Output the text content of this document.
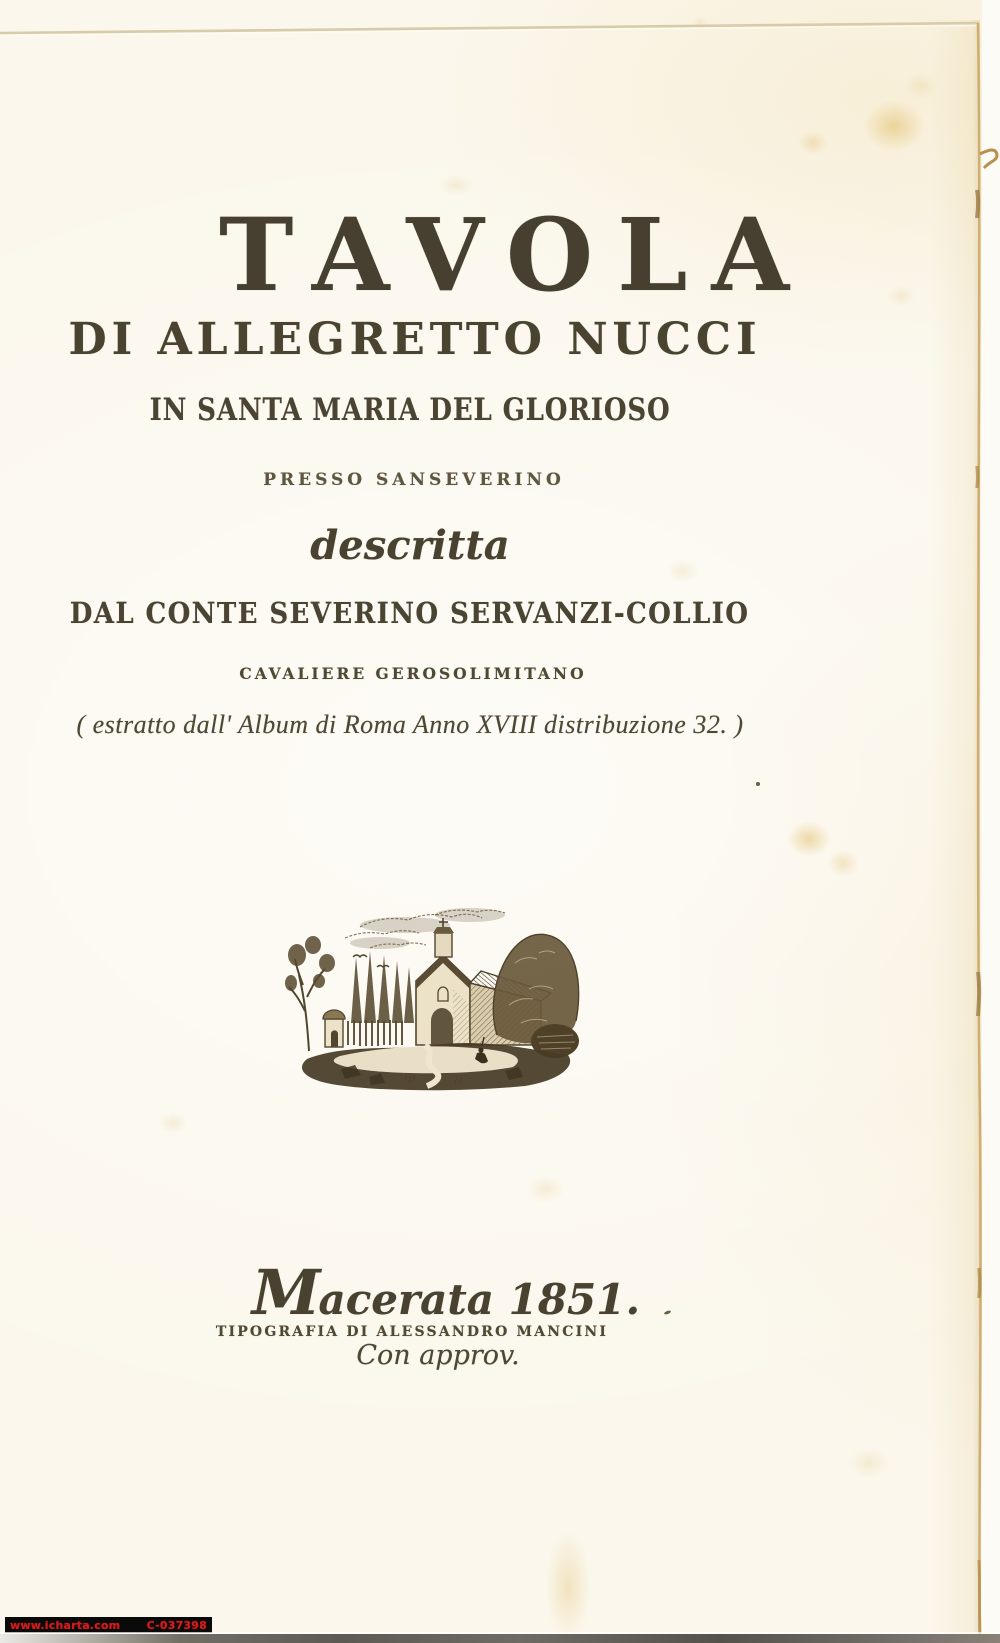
TAVOLA
DI ALLEGRETTO NUCCI
IN SANTA MARIA DEL GLORIOSO
PRESSO SANSEVERINO
descritta
DAL CONTE SEVERINO SERVANZI-COLLIO
CAVALIERE GEROSOLIMITANO
( estratto dall' Album di Roma Anno XVIII distribuzione 32. )
Macerata 1851.
TIPOGRAFIA DI ALESSANDRO MANCINI
Con approv.
www.icharta.com C-037398
